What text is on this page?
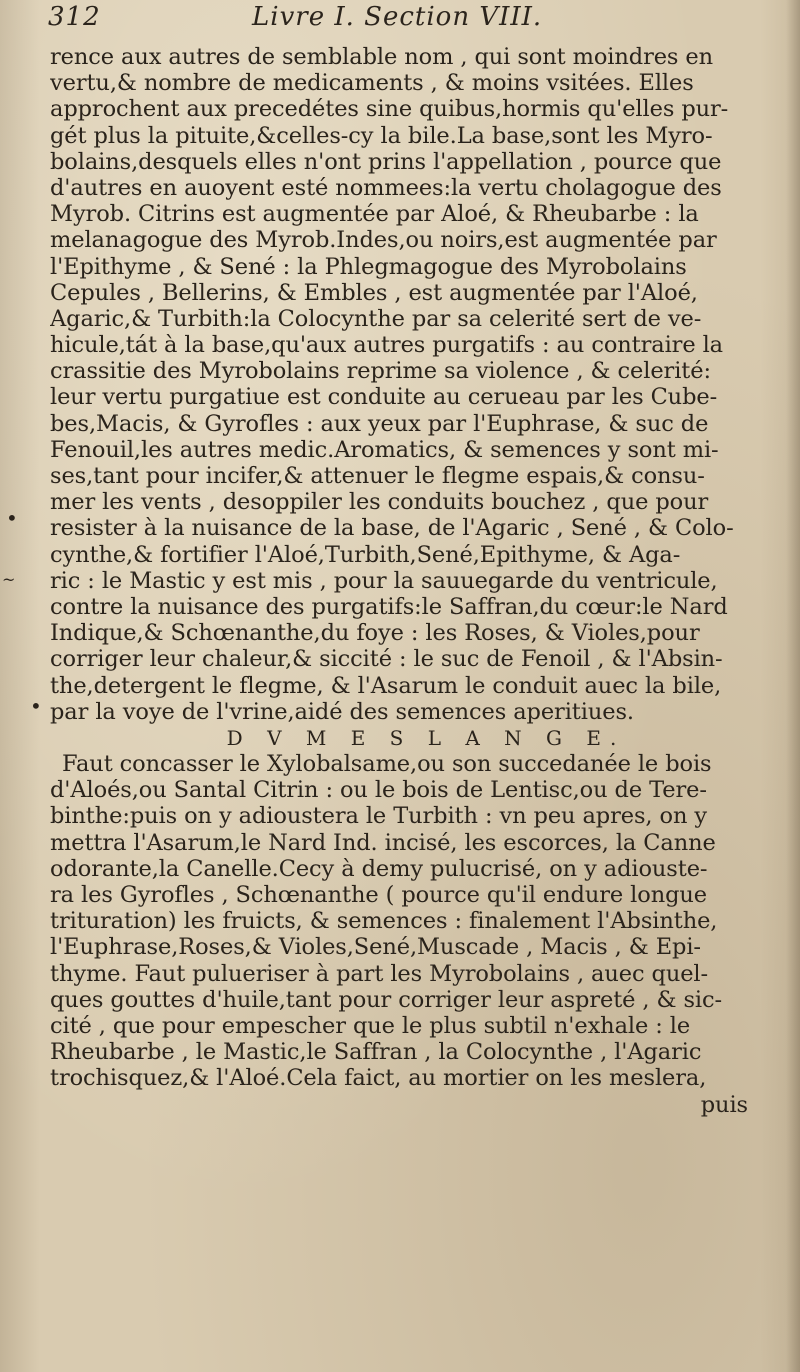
312	Livre I. Section VIII.
•
~
•
rence aux autres de semblable nom , qui sont moindres en
vertu,& nombre de medicaments , & moins vsitées. Elles
approchent aux precedétes sine quibus,hormis qu'elles pur-
gét plus la pituite,&celles-cy la bile.La base,sont les Myro-
bolains,desquels elles n'ont prins l'appellation , pource que
d'autres en auoyent esté nommees:la vertu cholagogue des
Myrob. Citrins est augmentée par Aloé, & Rheubarbe : la
melanagogue des Myrob.Indes,ou noirs,est augmentée par
l'Epithyme , & Sené : la Phlegmagogue des Myrobolains
Cepules , Bellerins, & Embles , est augmentée par l'Aloé,
Agaric,& Turbith:la Colocynthe par sa celerité sert de ve-
hicule,tát à la base,qu'aux autres purgatifs : au contraire la
crassitie des Myrobolains reprime sa violence , & celerité:
leur vertu purgatiue est conduite au cerueau par les Cube-
bes,Macis, & Gyrofles : aux yeux par l'Euphrase, & suc de
Fenouil,les autres medic.Aromatics, & semences y sont mi-
ses,tant pour incifer,& attenuer le flegme espais,& consu-
mer les vents , desoppiler les conduits bouchez , que pour
resister à la nuisance de la base, de l'Agaric , Sené , & Colo-
cynthe,& fortifier l'Aloé,Turbith,Sené,Epithyme, & Aga-
ric : le Mastic y est mis , pour la sauuegarde du ventricule,
contre la nuisance des purgatifs:le Saffran,du cœur:le Nard
Indique,& Schœnanthe,du foye : les Roses, & Violes,pour
corriger leur chaleur,& siccité : le suc de Fenoil , & l'Absin-
the,detergent le flegme, & l'Asarum le conduit auec la bile,
par la voye de l'vrine,aidé des semences aperitiues.
D V M E S L A N G E.
Faut concasser le Xylobalsame,ou son succedanée le bois
d'Aloés,ou Santal Citrin : ou le bois de Lentisc,ou de Tere-
binthe:puis on y adioustera le Turbith : vn peu apres, on y
mettra l'Asarum,le Nard Ind. incisé, les escorces, la Canne
odorante,la Canelle.Cecy à demy pulucrisé, on y adiouste-
ra les Gyrofles , Schœnanthe ( pource qu'il endure longue
trituration) les fruicts, & semences : finalement l'Absinthe,
l'Euphrase,Roses,& Violes,Sené,Muscade , Macis , & Epi-
thyme. Faut pulueriser à part les Myrobolains , auec quel-
ques gouttes d'huile,tant pour corriger leur aspreté , & sic-
cité , que pour empescher que le plus subtil n'exhale : le
Rheubarbe , le Mastic,le Saffran , la Colocynthe , l'Agaric
trochisquez,& l'Aloé.Cela faict, au mortier on les meslera,
puis
